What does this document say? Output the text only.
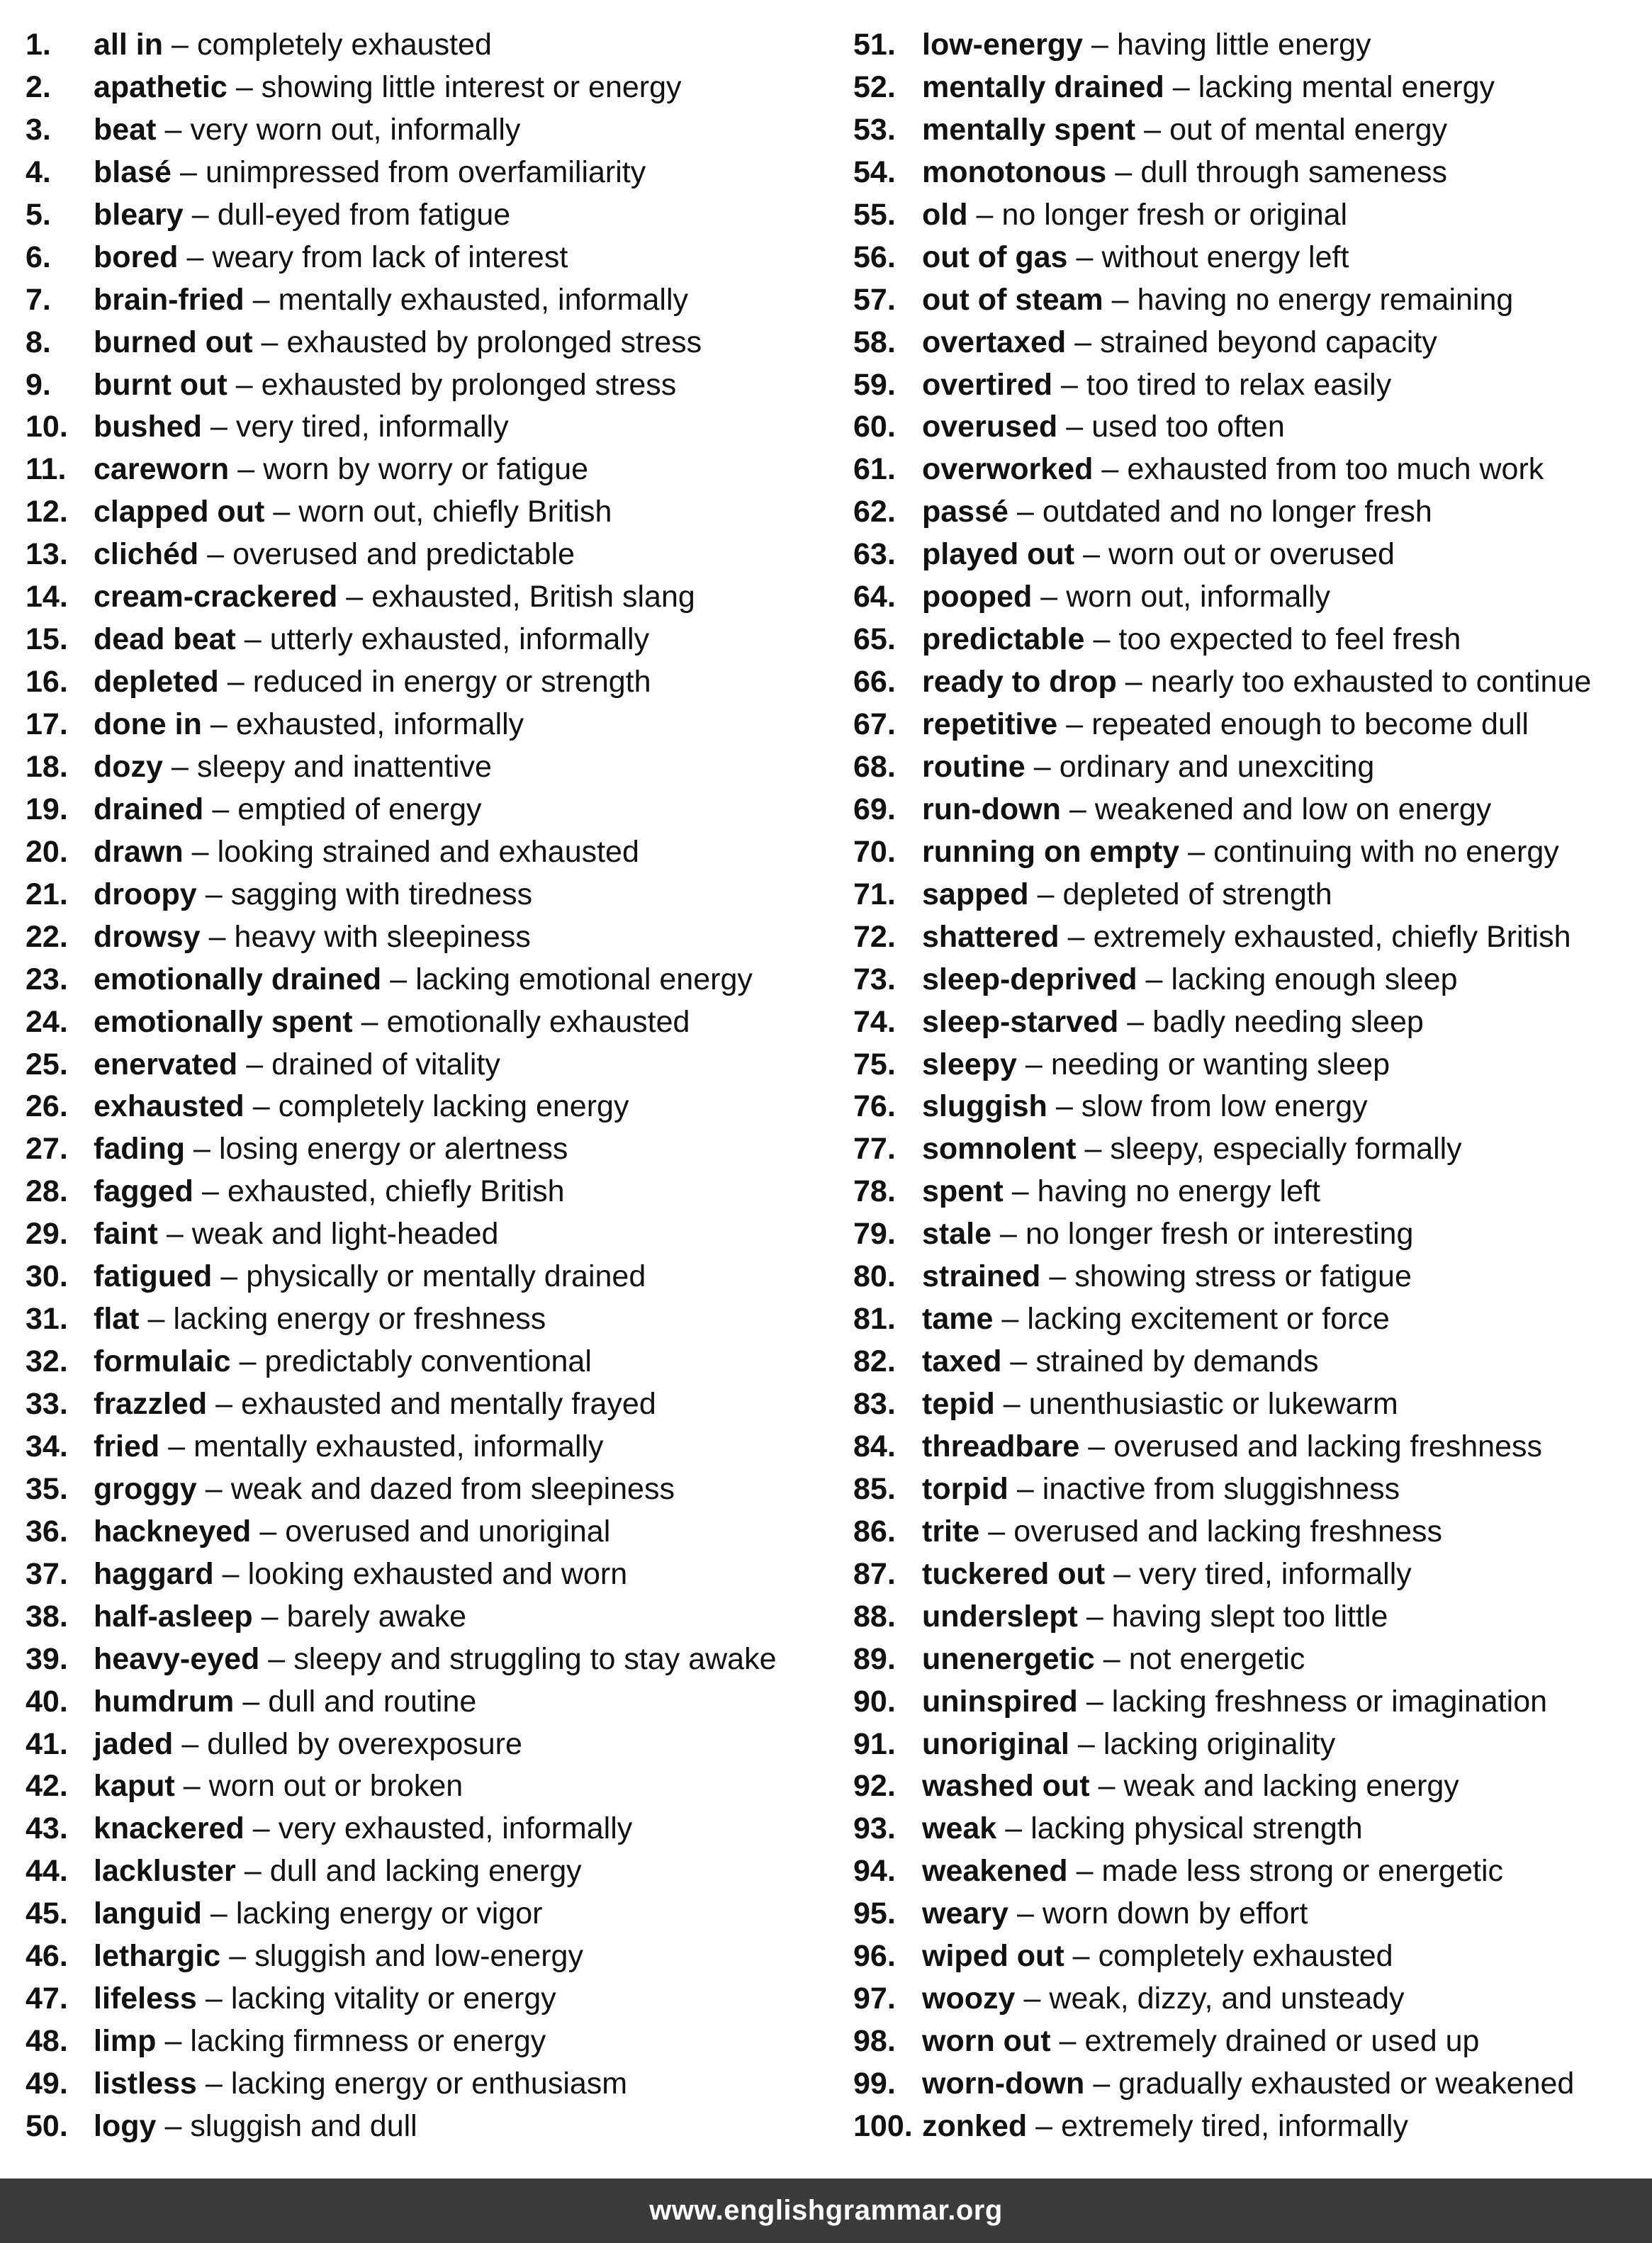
1.	all in – completely exhausted
2.	apathetic – showing little interest or energy
3.	beat – very worn out, informally
4.	blasé – unimpressed from overfamiliarity
5.	bleary – dull-eyed from fatigue
6.	bored – weary from lack of interest
7.	brain-fried – mentally exhausted, informally
8.	burned out – exhausted by prolonged stress
9.	burnt out – exhausted by prolonged stress
10. bushed – very tired, informally
11. careworn – worn by worry or fatigue
12. clapped out – worn out, chiefly British
13. clichéd – overused and predictable
14. cream-crackered – exhausted, British slang
15. dead beat – utterly exhausted, informally
16. depleted – reduced in energy or strength
17. done in – exhausted, informally
18. dozy – sleepy and inattentive
19. drained – emptied of energy
20. drawn – looking strained and exhausted
21. droopy – sagging with tiredness
22. drowsy – heavy with sleepiness
23. emotionally drained – lacking emotional energy
24. emotionally spent – emotionally exhausted
25. enervated – drained of vitality
26. exhausted – completely lacking energy
27. fading – losing energy or alertness
28. fagged – exhausted, chiefly British
29. faint – weak and light-headed
30. fatigued – physically or mentally drained
31. flat – lacking energy or freshness
32. formulaic – predictably conventional
33. frazzled – exhausted and mentally frayed
34. fried – mentally exhausted, informally
35. groggy – weak and dazed from sleepiness
36. hackneyed – overused and unoriginal
37. haggard – looking exhausted and worn
38. half-asleep – barely awake
39. heavy-eyed – sleepy and struggling to stay awake
40. humdrum – dull and routine
41. jaded – dulled by overexposure
42. kaput – worn out or broken
43. knackered – very exhausted, informally
44. lackluster – dull and lacking energy
45. languid – lacking energy or vigor
46. lethargic – sluggish and low-energy
47. lifeless – lacking vitality or energy
48. limp – lacking firmness or energy
49. listless – lacking energy or enthusiasm
50. logy – sluggish and dull
51. low-energy – having little energy
52. mentally drained – lacking mental energy
53. mentally spent – out of mental energy
54. monotonous – dull through sameness
55. old – no longer fresh or original
56. out of gas – without energy left
57. out of steam – having no energy remaining
58. overtaxed – strained beyond capacity
59. overtired – too tired to relax easily
60. overused – used too often
61. overworked – exhausted from too much work
62. passé – outdated and no longer fresh
63. played out – worn out or overused
64. pooped – worn out, informally
65. predictable – too expected to feel fresh
66. ready to drop – nearly too exhausted to continue
67. repetitive – repeated enough to become dull
68. routine – ordinary and unexciting
69. run-down – weakened and low on energy
70. running on empty – continuing with no energy
71. sapped – depleted of strength
72. shattered – extremely exhausted, chiefly British
73. sleep-deprived – lacking enough sleep
74. sleep-starved – badly needing sleep
75. sleepy – needing or wanting sleep
76. sluggish – slow from low energy
77. somnolent – sleepy, especially formally
78. spent – having no energy left
79. stale – no longer fresh or interesting
80. strained – showing stress or fatigue
81. tame – lacking excitement or force
82. taxed – strained by demands
83. tepid – unenthusiastic or lukewarm
84. threadbare – overused and lacking freshness
85. torpid – inactive from sluggishness
86. trite – overused and lacking freshness
87. tuckered out – very tired, informally
88. underslept – having slept too little
89. unenergetic – not energetic
90. uninspired – lacking freshness or imagination
91. unoriginal – lacking originality
92. washed out – weak and lacking energy
93. weak – lacking physical strength
94. weakened – made less strong or energetic
95. weary – worn down by effort
96. wiped out – completely exhausted
97. woozy – weak, dizzy, and unsteady
98. worn out – extremely drained or used up
99. worn-down – gradually exhausted or weakened
100. zonked – extremely tired, informally
www.englishgrammar.org
